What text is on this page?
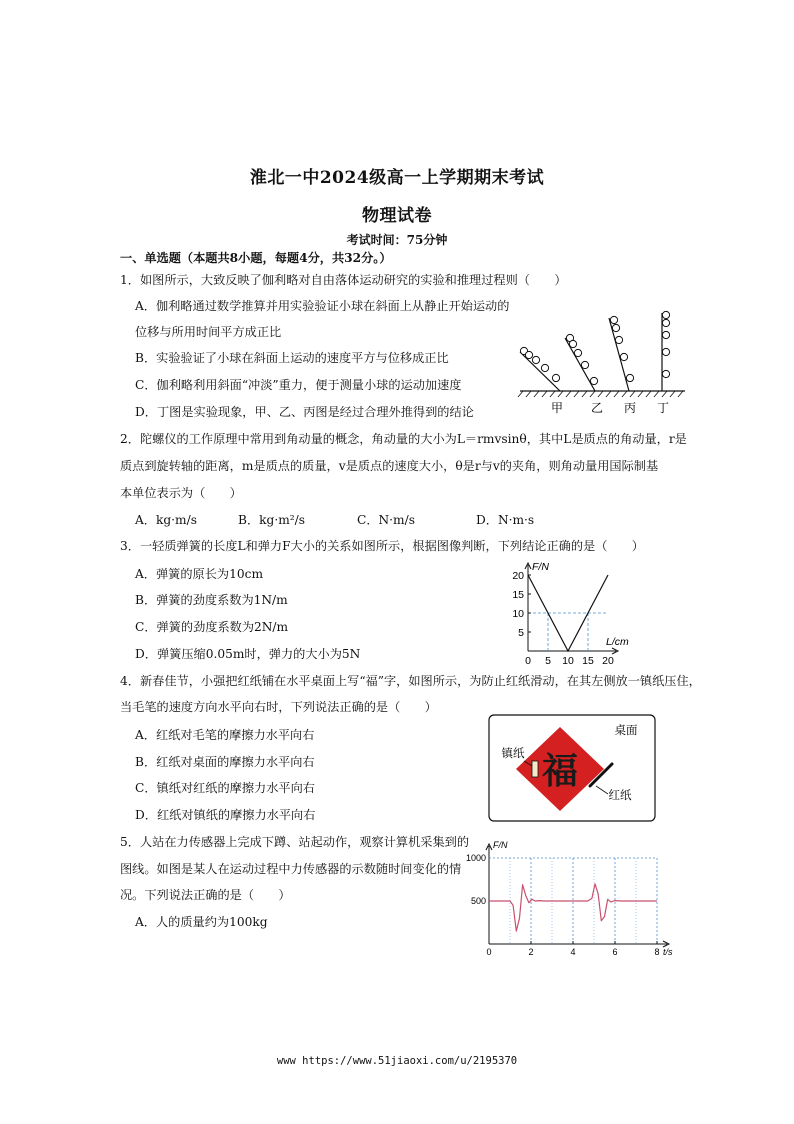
淮北一中2024级高一上学期期末考试
物理试卷
考试时间：75分钟
一、单选题（本题共8小题，每题4分，共32分。）
1．如图所示，大致反映了伽利略对自由落体运动研究的实验和推理过程则（　　）
A．伽利略通过数学推算并用实验验证小球在斜面上从静止开始运动的
位移与所用时间平方成正比
B．实验验证了小球在斜面上运动的速度平方与位移成正比
C．伽利略利用斜面“冲淡”重力，便于测量小球的运动加速度
D．丁图是实验现象，甲、乙、丙图是经过合理外推得到的结论	甲 乙 丙 丁
2．陀螺仪的工作原理中常用到角动量的概念，角动量的大小为L＝rmvsinθ，其中L是质点的角动量，r是
质点到旋转轴的距离，m是质点的质量，v是质点的速度大小，θ是r与v的夹角，则角动量用国际制基
本单位表示为（　　）
A．kg·m/s	B．kg·m²/s	C．N·m/s	D．N·m·s
3．一轻质弹簧的长度L和弹力F大小的关系如图所示，根据图像判断，下列结论正确的是（　　）
A．弹簧的原长为10cm
B．弹簧的劲度系数为1N/m
C．弹簧的劲度系数为2N/m
D．弹簧压缩0.05m时，弹力的大小为5N	0 5 10 15 20
5
10
15
20
F/N
L/cm
4．新春佳节，小强把红纸铺在水平桌面上写“福”字，如图所示，为防止红纸滑动，在其左侧放一镇纸压住，
当毛笔的速度方向水平向右时，下列说法正确的是（　　）
A．红纸对毛笔的摩擦力水平向右
B．红纸对桌面的摩擦力水平向右
C．镇纸对红纸的摩擦力水平向右
D．红纸对镇纸的摩擦力水平向右
福
桌面
镇纸
红纸
5．人站在力传感器上完成下蹲、站起动作，观察计算机采集到的
图线。如图是某人在运动过程中力传感器的示数随时间变化的情
况。下列说法正确的是（　　）
A．人的质量约为100kg
0	2	4	6	8
500
1000
F/N
t/s
www https://www.51jiaoxi.com/u/2195370
